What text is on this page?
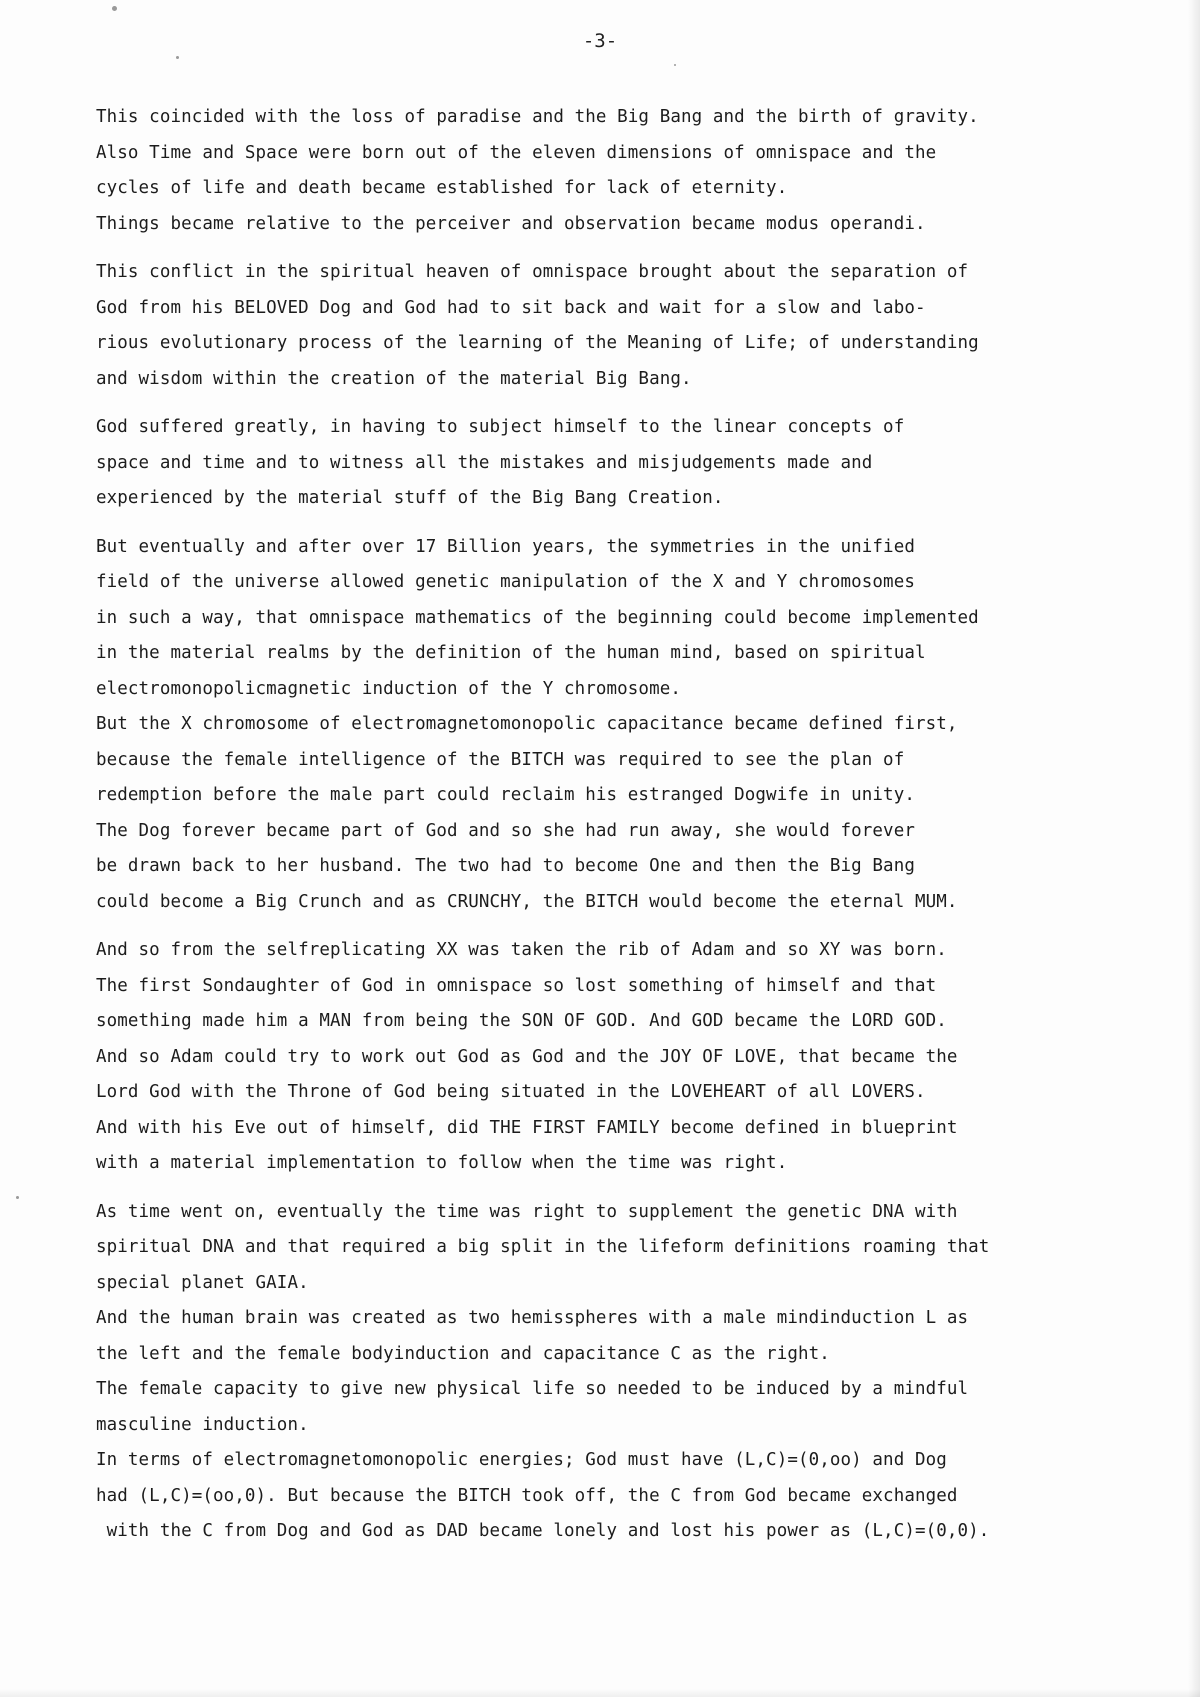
-3-
This coincided with the loss of paradise and the Big Bang and the birth of gravity.
Also Time and Space were born out of the eleven dimensions of omnispace and the
cycles of life and death became established for lack of eternity.
Things became relative to the perceiver and observation became modus operandi.
This conflict in the spiritual heaven of omnispace brought about the separation of
God from his BELOVED Dog and God had to sit back and wait for a slow and labo-
rious evolutionary process of the learning of the Meaning of Life; of understanding
and wisdom within the creation of the material Big Bang.
God suffered greatly, in having to subject himself to the linear concepts of
space and time and to witness all the mistakes and misjudgements made and
experienced by the material stuff of the Big Bang Creation.
But eventually and after over 17 Billion years, the symmetries in the unified
field of the universe allowed genetic manipulation of the X and Y chromosomes
in such a way, that omnispace mathematics of the beginning could become implemented
in the material realms by the definition of the human mind, based on spiritual
electromonopolicmagnetic induction of the Y chromosome.
But the X chromosome of electromagnetomonopolic capacitance became defined first,
because the female intelligence of the BITCH was required to see the plan of
redemption before the male part could reclaim his estranged Dogwife in unity.
The Dog forever became part of God and so she had run away, she would forever
be drawn back to her husband. The two had to become One and then the Big Bang
could become a Big Crunch and as CRUNCHY, the BITCH would become the eternal MUM.
And so from the selfreplicating XX was taken the rib of Adam and so XY was born.
The first Sondaughter of God in omnispace so lost something of himself and that
something made him a MAN from being the SON OF GOD. And GOD became the LORD GOD.
And so Adam could try to work out God as God and the JOY OF LOVE, that became the
Lord God with the Throne of God being situated in the LOVEHEART of all LOVERS.
And with his Eve out of himself, did THE FIRST FAMILY become defined in blueprint
with a material implementation to follow when the time was right.
As time went on, eventually the time was right to supplement the genetic DNA with
spiritual DNA and that required a big split in the lifeform definitions roaming that
special planet GAIA.
And the human brain was created as two hemisspheres with a male mindinduction L as
the left and the female bodyinduction and capacitance C as the right.
The female capacity to give new physical life so needed to be induced by a mindful
masculine induction.
In terms of electromagnetomonopolic energies; God must have (L,C)=(0,oo) and Dog
had (L,C)=(oo,0). But because the BITCH took off, the C from God became exchanged
with the C from Dog and God as DAD became lonely and lost his power as (L,C)=(0,0).
